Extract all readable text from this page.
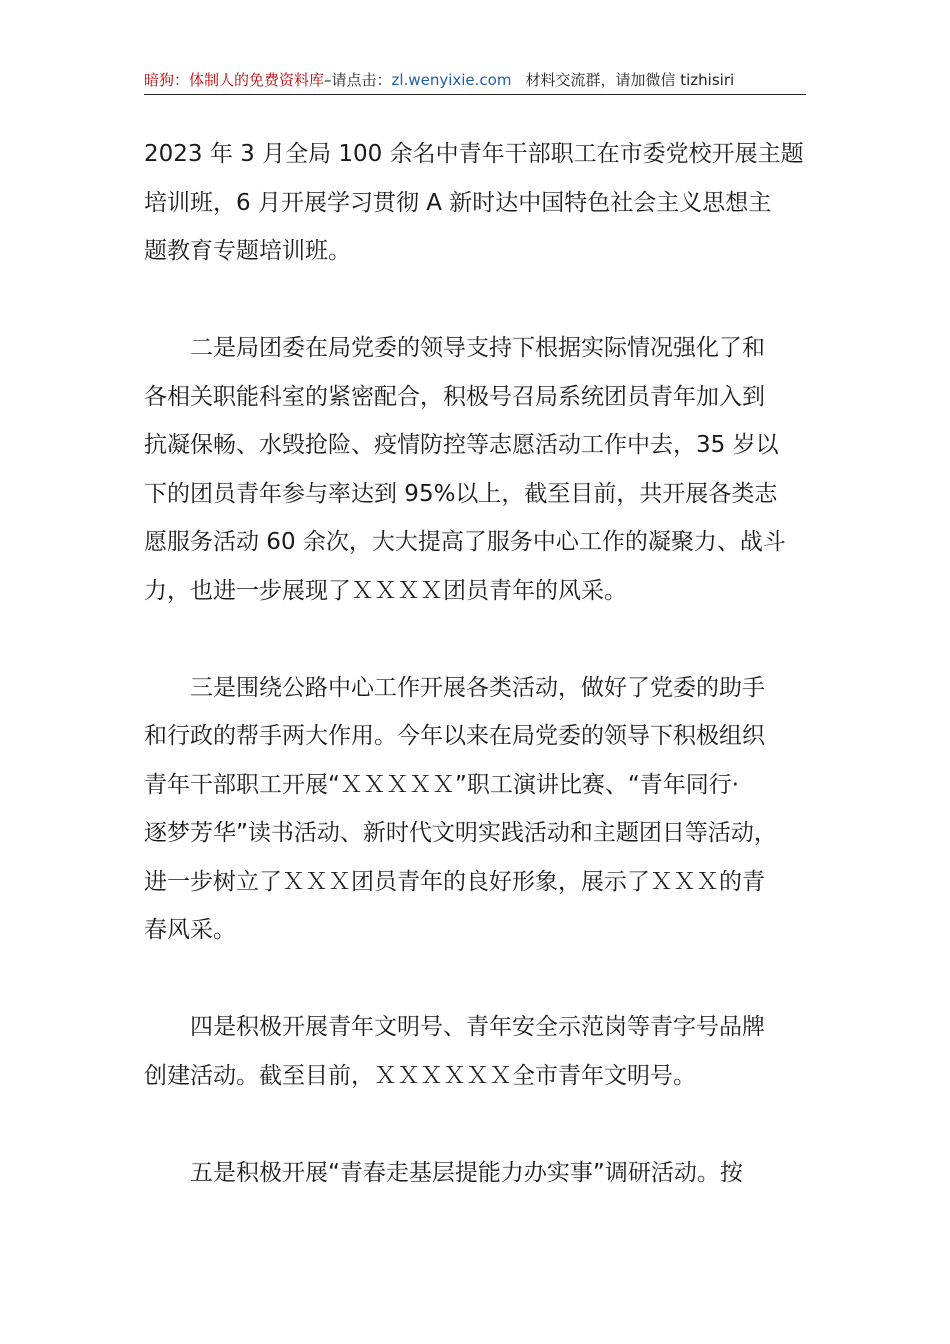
暗狗：体制人的免费资料库–请点击：zl.wenyixie.com 材料交流群，请加微信 tizhisiri
2023 年 3 月全局 100 余名中青年干部职工在市委党校开展主题
培训班，6 月开展学习贯彻 A 新时达中国特色社会主义思想主
题教育专题培训班。
二是局团委在局党委的领导支持下根据实际情况强化了和
各相关职能科室的紧密配合，积极号召局系统团员青年加入到
抗凝保畅、水毁抢险、疫情防控等志愿活动工作中去，35 岁以
下的团员青年参与率达到 95%以上，截至目前，共开展各类志
愿服务活动 60 余次，大大提高了服务中心工作的凝聚力、战斗
力，也进一步展现了ＸＸＸＸ团员青年的风采。
三是围绕公路中心工作开展各类活动，做好了党委的助手
和行政的帮手两大作用。今年以来在局党委的领导下积极组织
青年干部职工开展“ＸＸＸＸＸ”职工演讲比赛、“青年同行·
逐梦芳华”读书活动、新时代文明实践活动和主题团日等活动，
进一步树立了ＸＸＸ团员青年的良好形象，展示了ＸＸＸ的青
春风采。
四是积极开展青年文明号、青年安全示范岗等青字号品牌
创建活动。截至目前，ＸＸＸＸＸＸ全市青年文明号。
五是积极开展“青春走基层提能力办实事”调研活动。按
